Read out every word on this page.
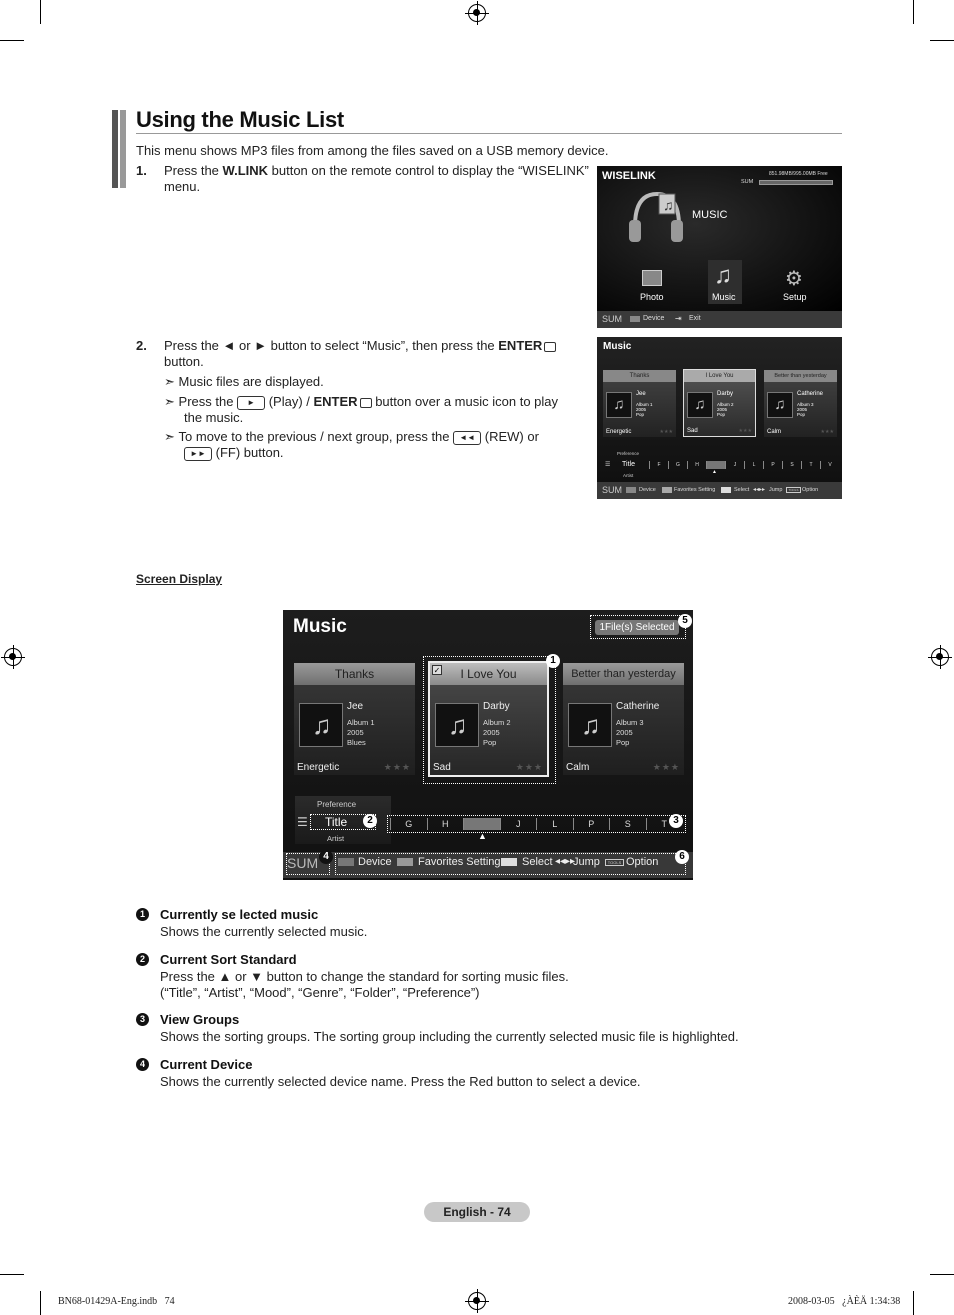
Using the Music List
This menu shows MP3 files from among the files saved on a USB memory device.
1. Press the W.LINK button on the remote control to display the “WISELINK”
menu.
WISELINK	851.98MB/995.00MB Free
SUM
♫
MUSIC
♫	⚙
Photo	Music	Setup
SUM	Device ⇥ Exit
2. Press the ◄ or ► button to select “Music”, then press the ENTER
button.
➣ Music files are displayed.
➣ Press the ► (Play) / ENTER button over a music icon to play
the music.
➣ To move to the previous / next group, press the ◄◄ (REW) or
►► (FF) button.
Music
Thanks
♫
Jee
Album 1
2005
Pop
Energetic	★★★
I Love You
♫
Darby
Album 2
2005
Pop
Sad	★★★
Better than yesterday
♫
Catherine
Album 3
2005
Pop
Calm	★★★
Preference
☰ Title
Artist
F	G	H	J	L	P	S	T	V
▲
SUM	Device	Favorites Setting	Select ◂◂▸▸ Jump	TOOLS Option
Screen Display
Music	1File(s) Selected
5
Thanks
♫
Jee
Album 1
2005
Blues
Energetic	★★★
I Love You
✓
♫
Darby
Album 2
2005
Pop
Sad	★★★
1
Better than yesterday
♫
Catherine
Album 3
2005
Pop
Calm	★★★
Preference
☰ Title	2
Artist
G	H	J	L	P	S	T
▲
3
SUM 4	Device Favorites Setting Select ◂◂▸▸
Jump	TOOLS Option	6
1	Currently se lected music
Shows the currently selected music.
2	Current Sort Standard
Press the ▲ or ▼ button to change the standard for sorting music files.
(“Title”, “Artist”, “Mood”, “Genre”, “Folder”, “Preference”)
3	View Groups
Shows the sorting groups. The sorting group including the currently selected music file is highlighted.
4	Current Device
Shows the currently selected device name. Press the Red button to select a device.
English - 74
BN68-01429A-Eng.indb   74	2008-03-05   ¿ÀÈÄ 1:34:38
